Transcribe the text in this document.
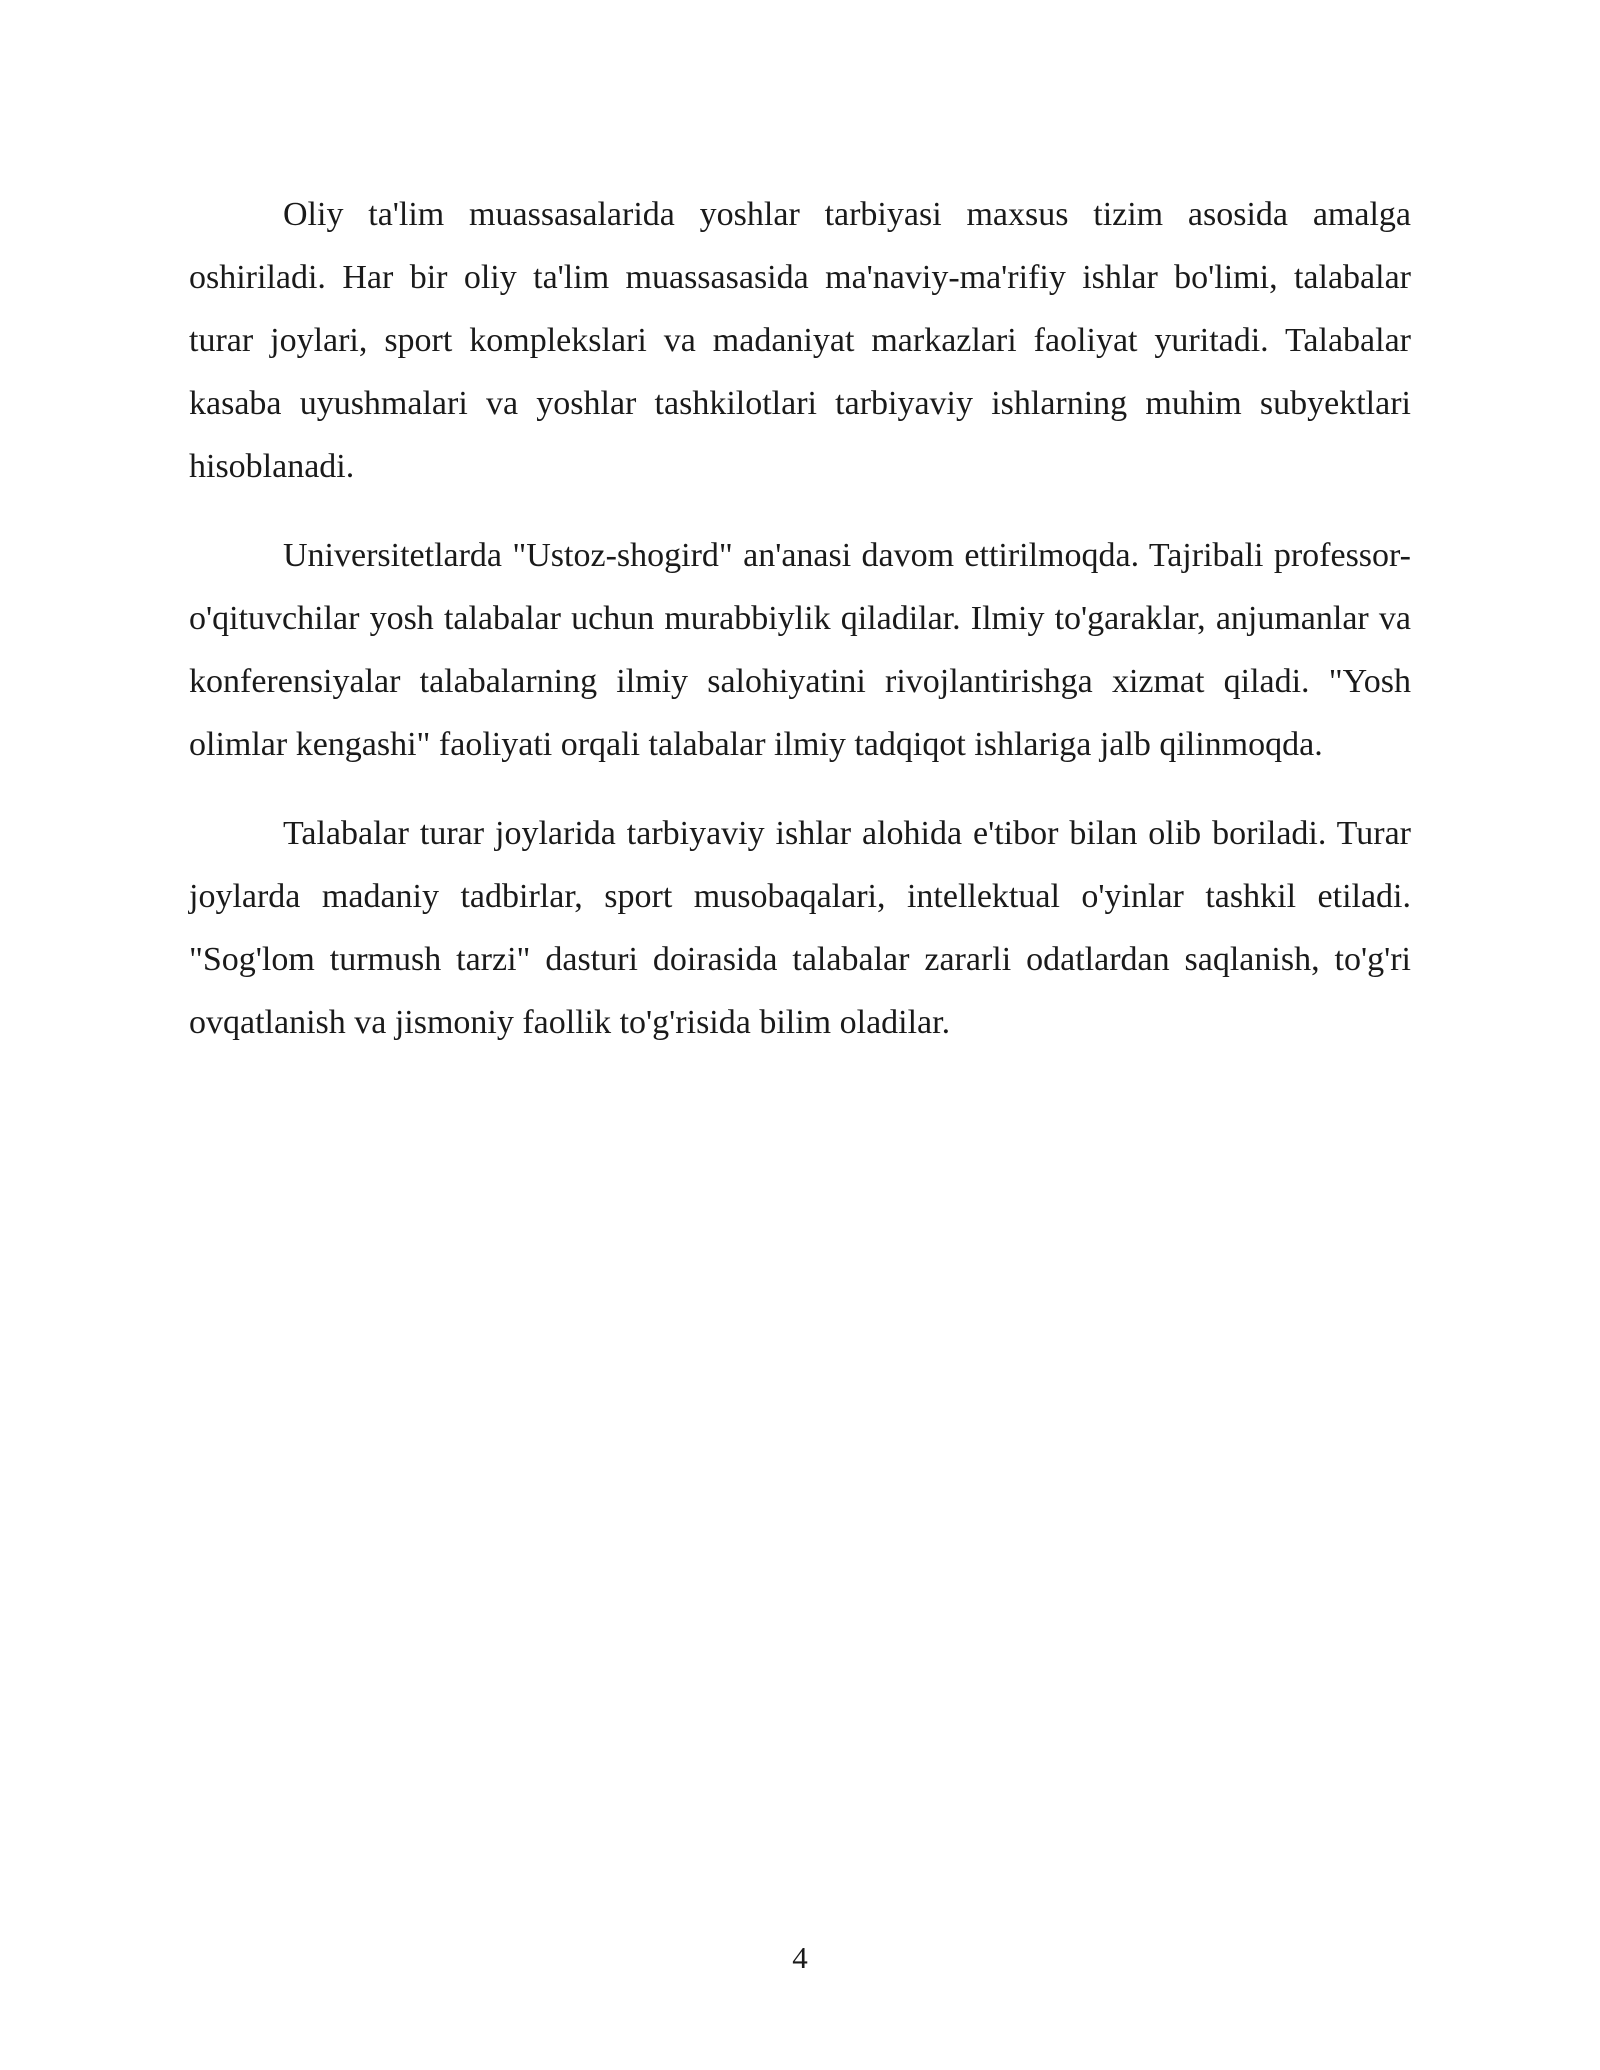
Oliy ta'lim muassasalarida yoshlar tarbiyasi maxsus tizim asosida amalga oshiriladi. Har bir oliy ta'lim muassasasida ma'naviy-ma'rifiy ishlar bo'limi, talabalar turar joylari, sport komplekslari va madaniyat markazlari faoliyat yuritadi. Talabalar kasaba uyushmalari va yoshlar tashkilotlari tarbiyaviy ishlarning muhim subyektlari hisoblanadi.

Universitetlarda "Ustoz-shogird" an'anasi davom ettirilmoqda. Tajribali professor-o'qituvchilar yosh talabalar uchun murabbiylik qiladilar. Ilmiy to'garaklar, anjumanlar va konferensiyalar talabalarning ilmiy salohiyatini rivojlantirishga xizmat qiladi. "Yosh olimlar kengashi" faoliyati orqali talabalar ilmiy tadqiqot ishlariga jalb qilinmoqda.

Talabalar turar joylarida tarbiyaviy ishlar alohida e'tibor bilan olib boriladi. Turar joylarda madaniy tadbirlar, sport musobaqalari, intellektual o'yinlar tashkil etiladi. "Sog'lom turmush tarzi" dasturi doirasida talabalar zararli odatlardan saqlanish, to'g'ri ovqatlanish va jismoniy faollik to'g'risida bilim oladilar.

4
